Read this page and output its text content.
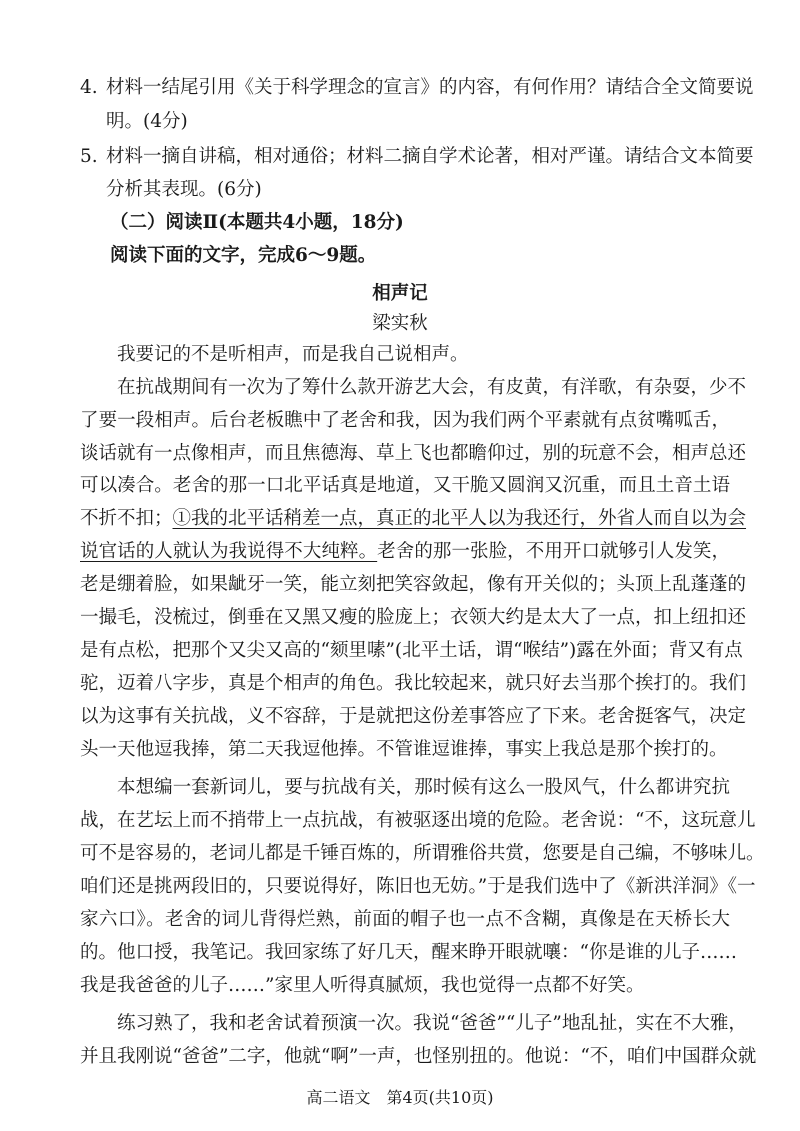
4. 材料一结尾引用《关于科学理念的宣言》的内容，有何作用？请结合全文简要说
明。(4分)
5. 材料一摘自讲稿，相对通俗；材料二摘自学术论著，相对严谨。请结合文本简要
分析其表现。(6分)
（二）阅读Ⅱ(本题共4小题，18分)
阅读下面的文字，完成6～9题。
相声记
梁实秋
我要记的不是听相声，而是我自己说相声。
在抗战期间有一次为了筹什么款开游艺大会，有皮黄，有洋歌，有杂耍，少不
了要一段相声。后台老板瞧中了老舍和我，因为我们两个平素就有点贫嘴呱舌，
谈话就有一点像相声，而且焦德海、草上飞也都瞻仰过，别的玩意不会，相声总还
可以凑合。老舍的那一口北平话真是地道，又干脆又圆润又沉重，而且土音土语
不折不扣；①我的北平话稍差一点，真正的北平人以为我还行，外省人而自以为会
说官话的人就认为我说得不大纯粹。老舍的那一张脸，不用开口就够引人发笑，
老是绷着脸，如果龇牙一笑，能立刻把笑容敛起，像有开关似的；头顶上乱蓬蓬的
一撮毛，没梳过，倒垂在又黑又瘦的脸庞上；衣领大约是太大了一点，扣上纽扣还
是有点松，把那个又尖又高的“颏里嗉”(北平土话，谓“喉结”)露在外面；背又有点
驼，迈着八字步，真是个相声的角色。我比较起来，就只好去当那个挨打的。我们
以为这事有关抗战，义不容辞，于是就把这份差事答应了下来。老舍挺客气，决定
头一天他逗我捧，第二天我逗他捧。不管谁逗谁捧，事实上我总是那个挨打的。
本想编一套新词儿，要与抗战有关，那时候有这么一股风气，什么都讲究抗
战，在艺坛上而不捎带上一点抗战，有被驱逐出境的危险。老舍说：“不，这玩意儿
可不是容易的，老词儿都是千锤百炼的，所谓雅俗共赏，您要是自己编，不够味儿。
咱们还是挑两段旧的，只要说得好，陈旧也无妨。”于是我们选中了《新洪洋洞》《一
家六口》。老舍的词儿背得烂熟，前面的帽子也一点不含糊，真像是在天桥长大
的。他口授，我笔记。我回家练了好几天，醒来睁开眼就嚷：“你是谁的儿子……
我是我爸爸的儿子……”家里人听得真腻烦，我也觉得一点都不好笑。
练习熟了，我和老舍试着预演一次。我说“爸爸”“儿子”地乱扯，实在不大雅，
并且我刚说“爸爸”二字，他就“啊”一声，也怪别扭的。他说：“不，咱们中国群众就
高二语文　第4页(共10页)
